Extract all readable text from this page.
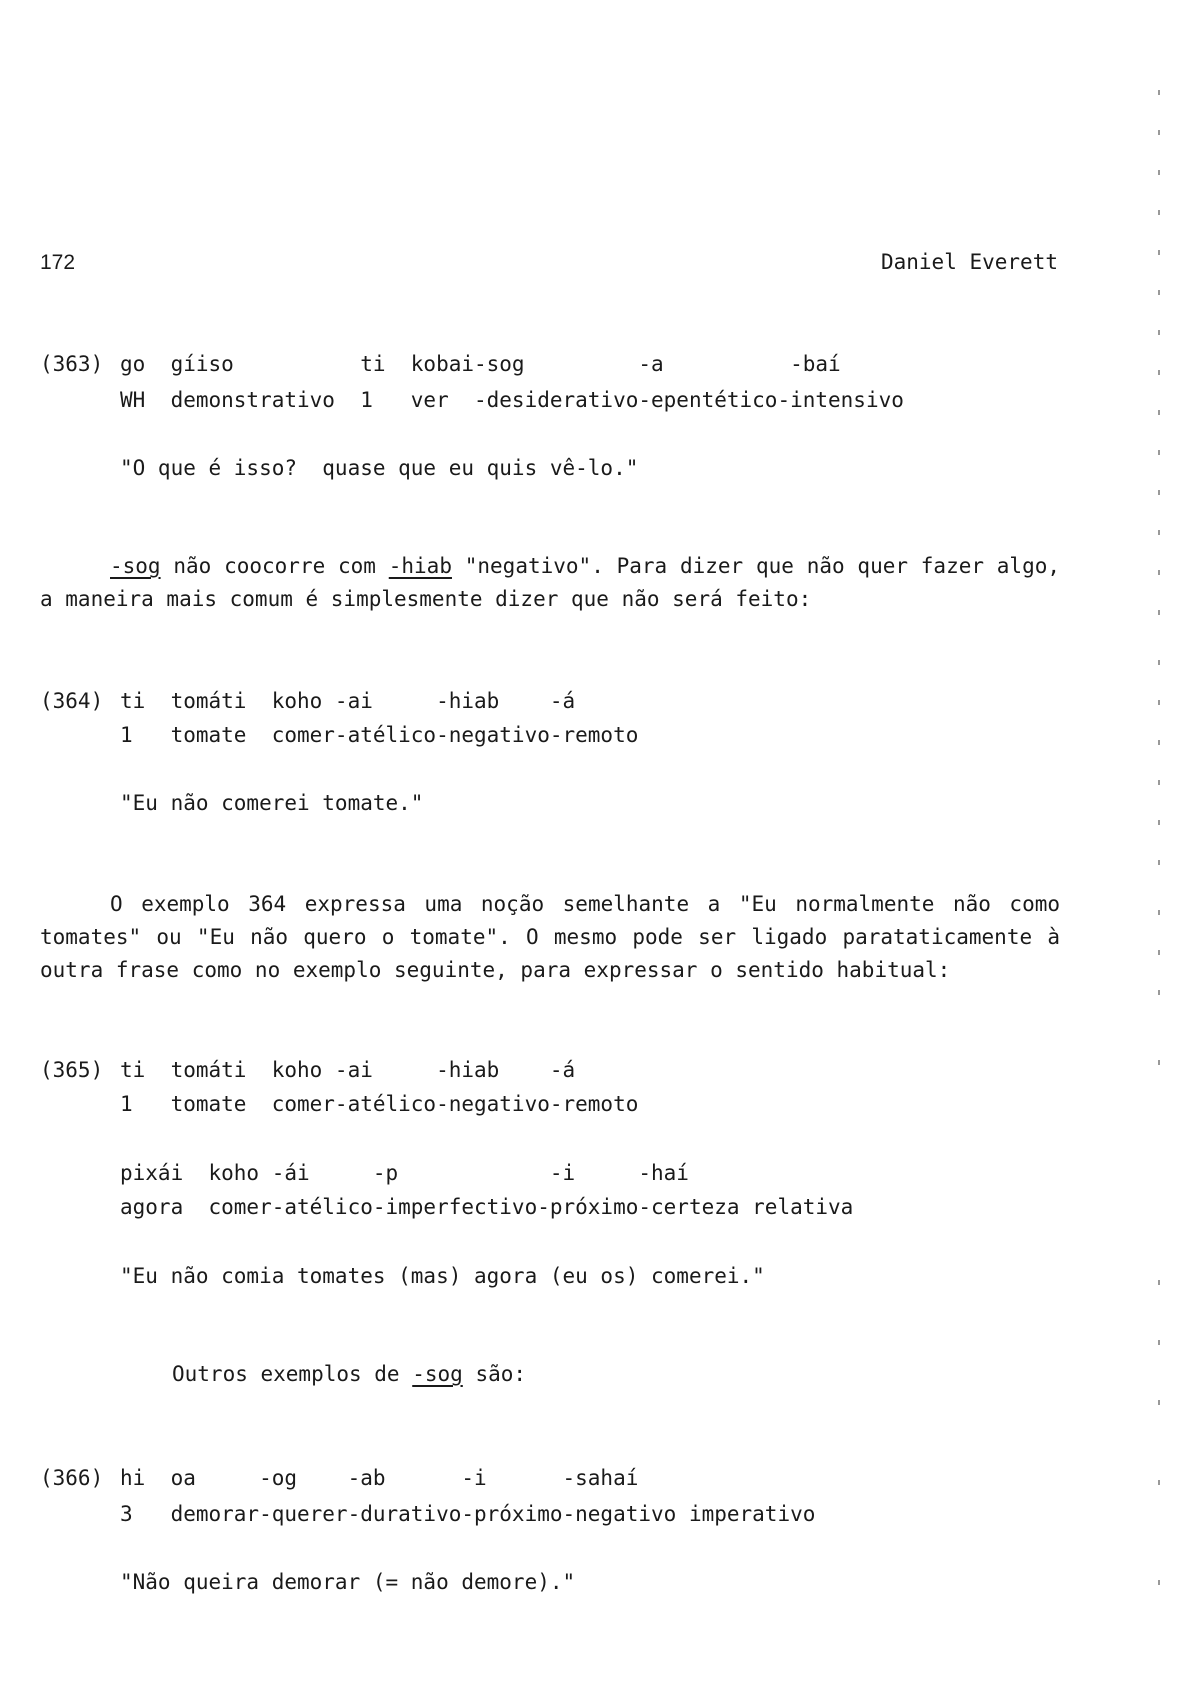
172	Daniel Everett
(363) go  gíiso          ti  kobai-sog         -a          -baí
WH  demonstrativo  1   ver  -desiderativo-epentético-intensivo
"O que é isso?  quase que eu quis vê-lo."
-sog não coocorre com -hiab "negativo". Para dizer que não quer fazer algo, a maneira mais comum é simplesmente dizer que não será feito:
(364) ti  tomáti  koho -ai     -hiab    -á
1   tomate  comer-atélico-negativo-remoto
"Eu não comerei tomate."
O exemplo 364 expressa uma noção semelhante a "Eu normalmente não como tomates" ou "Eu não quero o tomate". O mesmo pode ser ligado parataticamente à outra frase como no exemplo seguinte, para expressar o sentido habitual:
(365) ti  tomáti  koho -ai     -hiab    -á
1   tomate  comer-atélico-negativo-remoto
pixái  koho -ái     -p            -i     -haí
agora  comer-atélico-imperfectivo-próximo-certeza relativa
"Eu não comia tomates (mas) agora (eu os) comerei."
Outros exemplos de -sog são:
(366) hi  oa     -og    -ab      -i      -sahaí
3   demorar-querer-durativo-próximo-negativo imperativo
"Não queira demorar (= não demore)."
